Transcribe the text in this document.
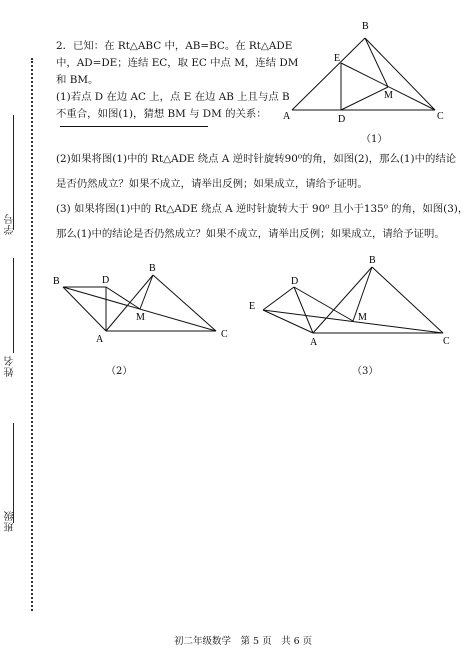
学号
姓名
班级
2．已知：在 Rt△ABC 中，AB=BC。在 Rt△ADE
中，AD=DE；连结 EC，取 EC 中点 M，连结 DM
和 BM。
(1)若点 D 在边 AC 上，点 E 在边 AB 上且与点 B
不重合，如图(1)，猜想 BM 与 DM 的关系：
(2)如果将图(1)中的 Rt△ADE 绕点 A 逆时针旋转90⁰的角，如图(2)，那么(1)中的结论
是否仍然成立？如果不成立，请举出反例；如果成立，请给予证明。
(3) 如果将图(1)中的 Rt△ADE 绕点 A 逆时针旋转大于 90⁰ 且小于135⁰ 的角，如图(3)，
那么(1)中的结论是否仍然成立？如果不成立，请举出反例；如果成立，请给予证明。
B
E
A	D
M
C
（1）
B	D
B
M
A	C
（2）
E
D
B
M
A	C
（3）
初二年级数学　第 5 页　共 6 页
